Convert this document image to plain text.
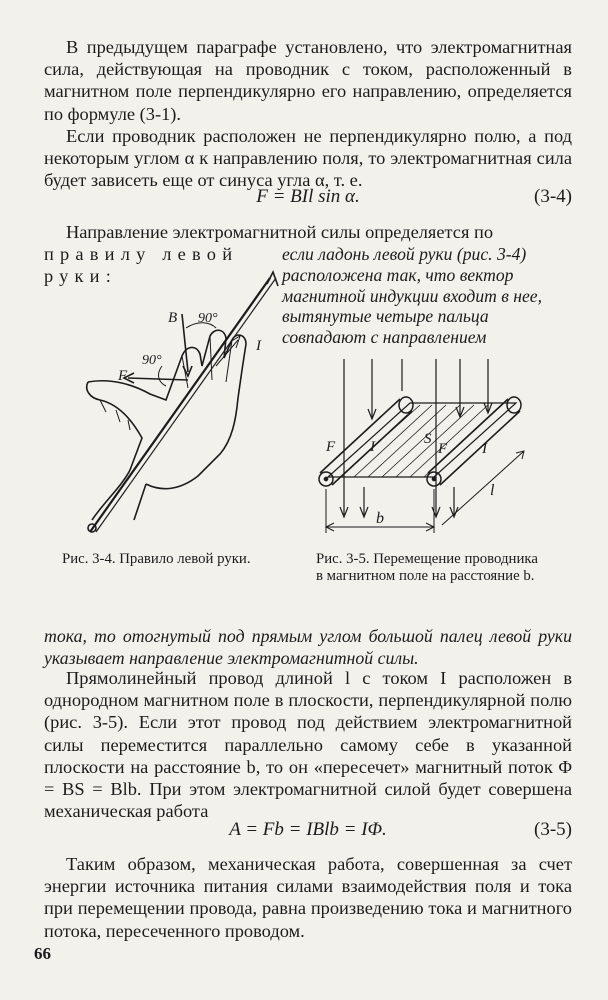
В предыдущем параграфе установлено, что электромагнитная сила, действующая на проводник с током, расположенный в магнитном поле перпендикулярно его направлению, определяется по формуле (3-1).

Если проводник расположен не перпендикулярно полю, а под некоторым углом α к направлению поля, то электромагнитная сила будет зависеть еще от синуса угла α, т. е.

F = BIl sin α.	(3-4)

Направление электромагнитной силы определяется по

правилу левой руки:

если ладонь левой руки (рис. 3-4) расположена так, что вектор магнитной индукции входит в нее, вытянутые четыре пальца совпадают с направлением

B 90°
90°
F
I
F I	S
F I
l
b

Рис. 3-4. Правило левой руки.	Рис. 3-5. Перемещение проводника в магнитном поле на расстояние b.

тока, то отогнутый под прямым углом большой палец левой руки указывает направление электромагнитной силы.

Прямолинейный провод длиной l с током I расположен в однородном магнитном поле в плоскости, перпендикулярной полю (рис. 3-5). Если этот провод под действием электромагнитной силы переместится параллельно самому себе в указанной плоскости на расстояние b, то он «пересечет» магнитный поток Φ = BS = Blb. При этом электромагнитной силой будет совершена механическая работа

A = Fb = IBlb = IΦ.	(3-5)

Таким образом, механическая работа, совершенная за счет энергии источника питания силами взаимодействия поля и тока при перемещении провода, равна произведению тока и магнитного потока, пересеченного проводом.

66
